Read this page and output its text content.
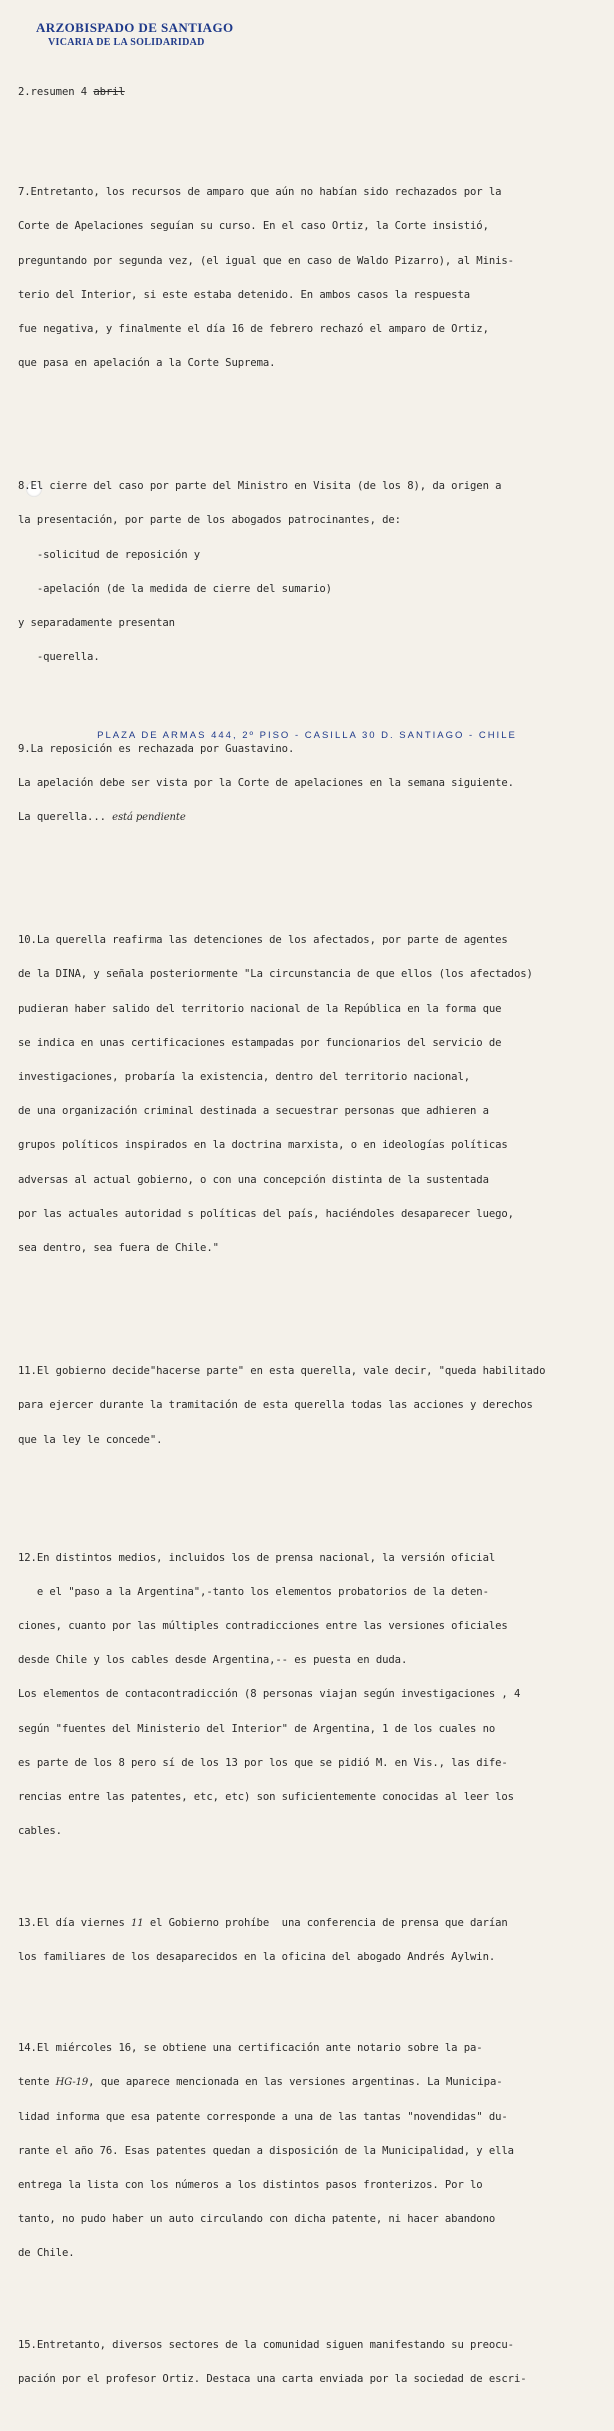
ARZOBISPADO DE SANTIAGO
VICARIA DE LA SOLIDARIDAD

2.resumen 4 abril

7.Entretanto, los recursos de amparo que aún no habían sido rechazados por la

Corte de Apelaciones seguían su curso. En el caso Ortiz, la Corte insistió,

preguntando por segunda vez, (el igual que en caso de Waldo Pizarro), al Minis-

terio del Interior, si este estaba detenido. En ambos casos la respuesta

fue negativa, y finalmente el día 16 de febrero rechazó el amparo de Ortiz,

que pasa en apelación a la Corte Suprema.

8.El cierre del caso por parte del Ministro en Visita (de los 8), da origen a

la presentación, por parte de los abogados patrocinantes, de:

-solicitud de reposición y

-apelación (de la medida de cierre del sumario)

y separadamente presentan

-querella.

9.La reposición es rechazada por Guastavino.

La apelación debe ser vista por la Corte de apelaciones en la semana siguiente.

La querella... está pendiente

10.La querella reafirma las detenciones de los afectados, por parte de agentes

de la DINA, y señala posteriormente "La circunstancia de que ellos (los afectados)

pudieran haber salido del territorio nacional de la República en la forma que

se indica en unas certificaciones estampadas por funcionarios del servicio de

investigaciones, probaría la existencia, dentro del territorio nacional,

de una organización criminal destinada a secuestrar personas que adhieren a

grupos políticos inspirados en la doctrina marxista, o en ideologías políticas

adversas al actual gobierno, o con una concepción distinta de la sustentada

por las actuales autoridad s políticas del país, haciéndoles desaparecer luego,

sea dentro, sea fuera de Chile."

11.El gobierno decide"hacerse parte" en esta querella, vale decir, "queda habilitado

para ejercer durante la tramitación de esta querella todas las acciones y derechos

que la ley le concede".

12.En distintos medios, incluidos los de prensa nacional, la versión oficial

e el "paso a la Argentina",-tanto los elementos probatorios de la deten-

ciones, cuanto por las múltiples contradicciones entre las versiones oficiales

desde Chile y los cables desde Argentina,-- es puesta en duda.

Los elementos de contacontradicción (8 personas viajan según investigaciones , 4

según "fuentes del Ministerio del Interior" de Argentina, 1 de los cuales no

es parte de los 8 pero sí de los 13 por los que se pidió M. en Vis., las dife-

rencias entre las patentes, etc, etc) son suficientemente conocidas al leer los

cables.

13.El día viernes 11 el Gobierno prohíbe  una conferencia de prensa que darían

los familiares de los desaparecidos en la oficina del abogado Andrés Aylwin.

14.El miércoles 16, se obtiene una certificación ante notario sobre la pa-

tente HG-19, que aparece mencionada en las versiones argentinas. La Municipa-

lidad informa que esa patente corresponde a una de las tantas "novendidas" du-

rante el año 76. Esas patentes quedan a disposición de la Municipalidad, y ella

entrega la lista con los números a los distintos pasos fronterizos. Por lo

tanto, no pudo haber un auto circulando con dicha patente, ni hacer abandono

de Chile.

15.Entretanto, diversos sectores de la comunidad siguen manifestando su preocu-

pación por el profesor Ortiz. Destaca una carta enviada por la sociedad de escri-

PLAZA DE ARMAS 444, 2º PISO - CASILLA 30 D. SANTIAGO - CHILE
